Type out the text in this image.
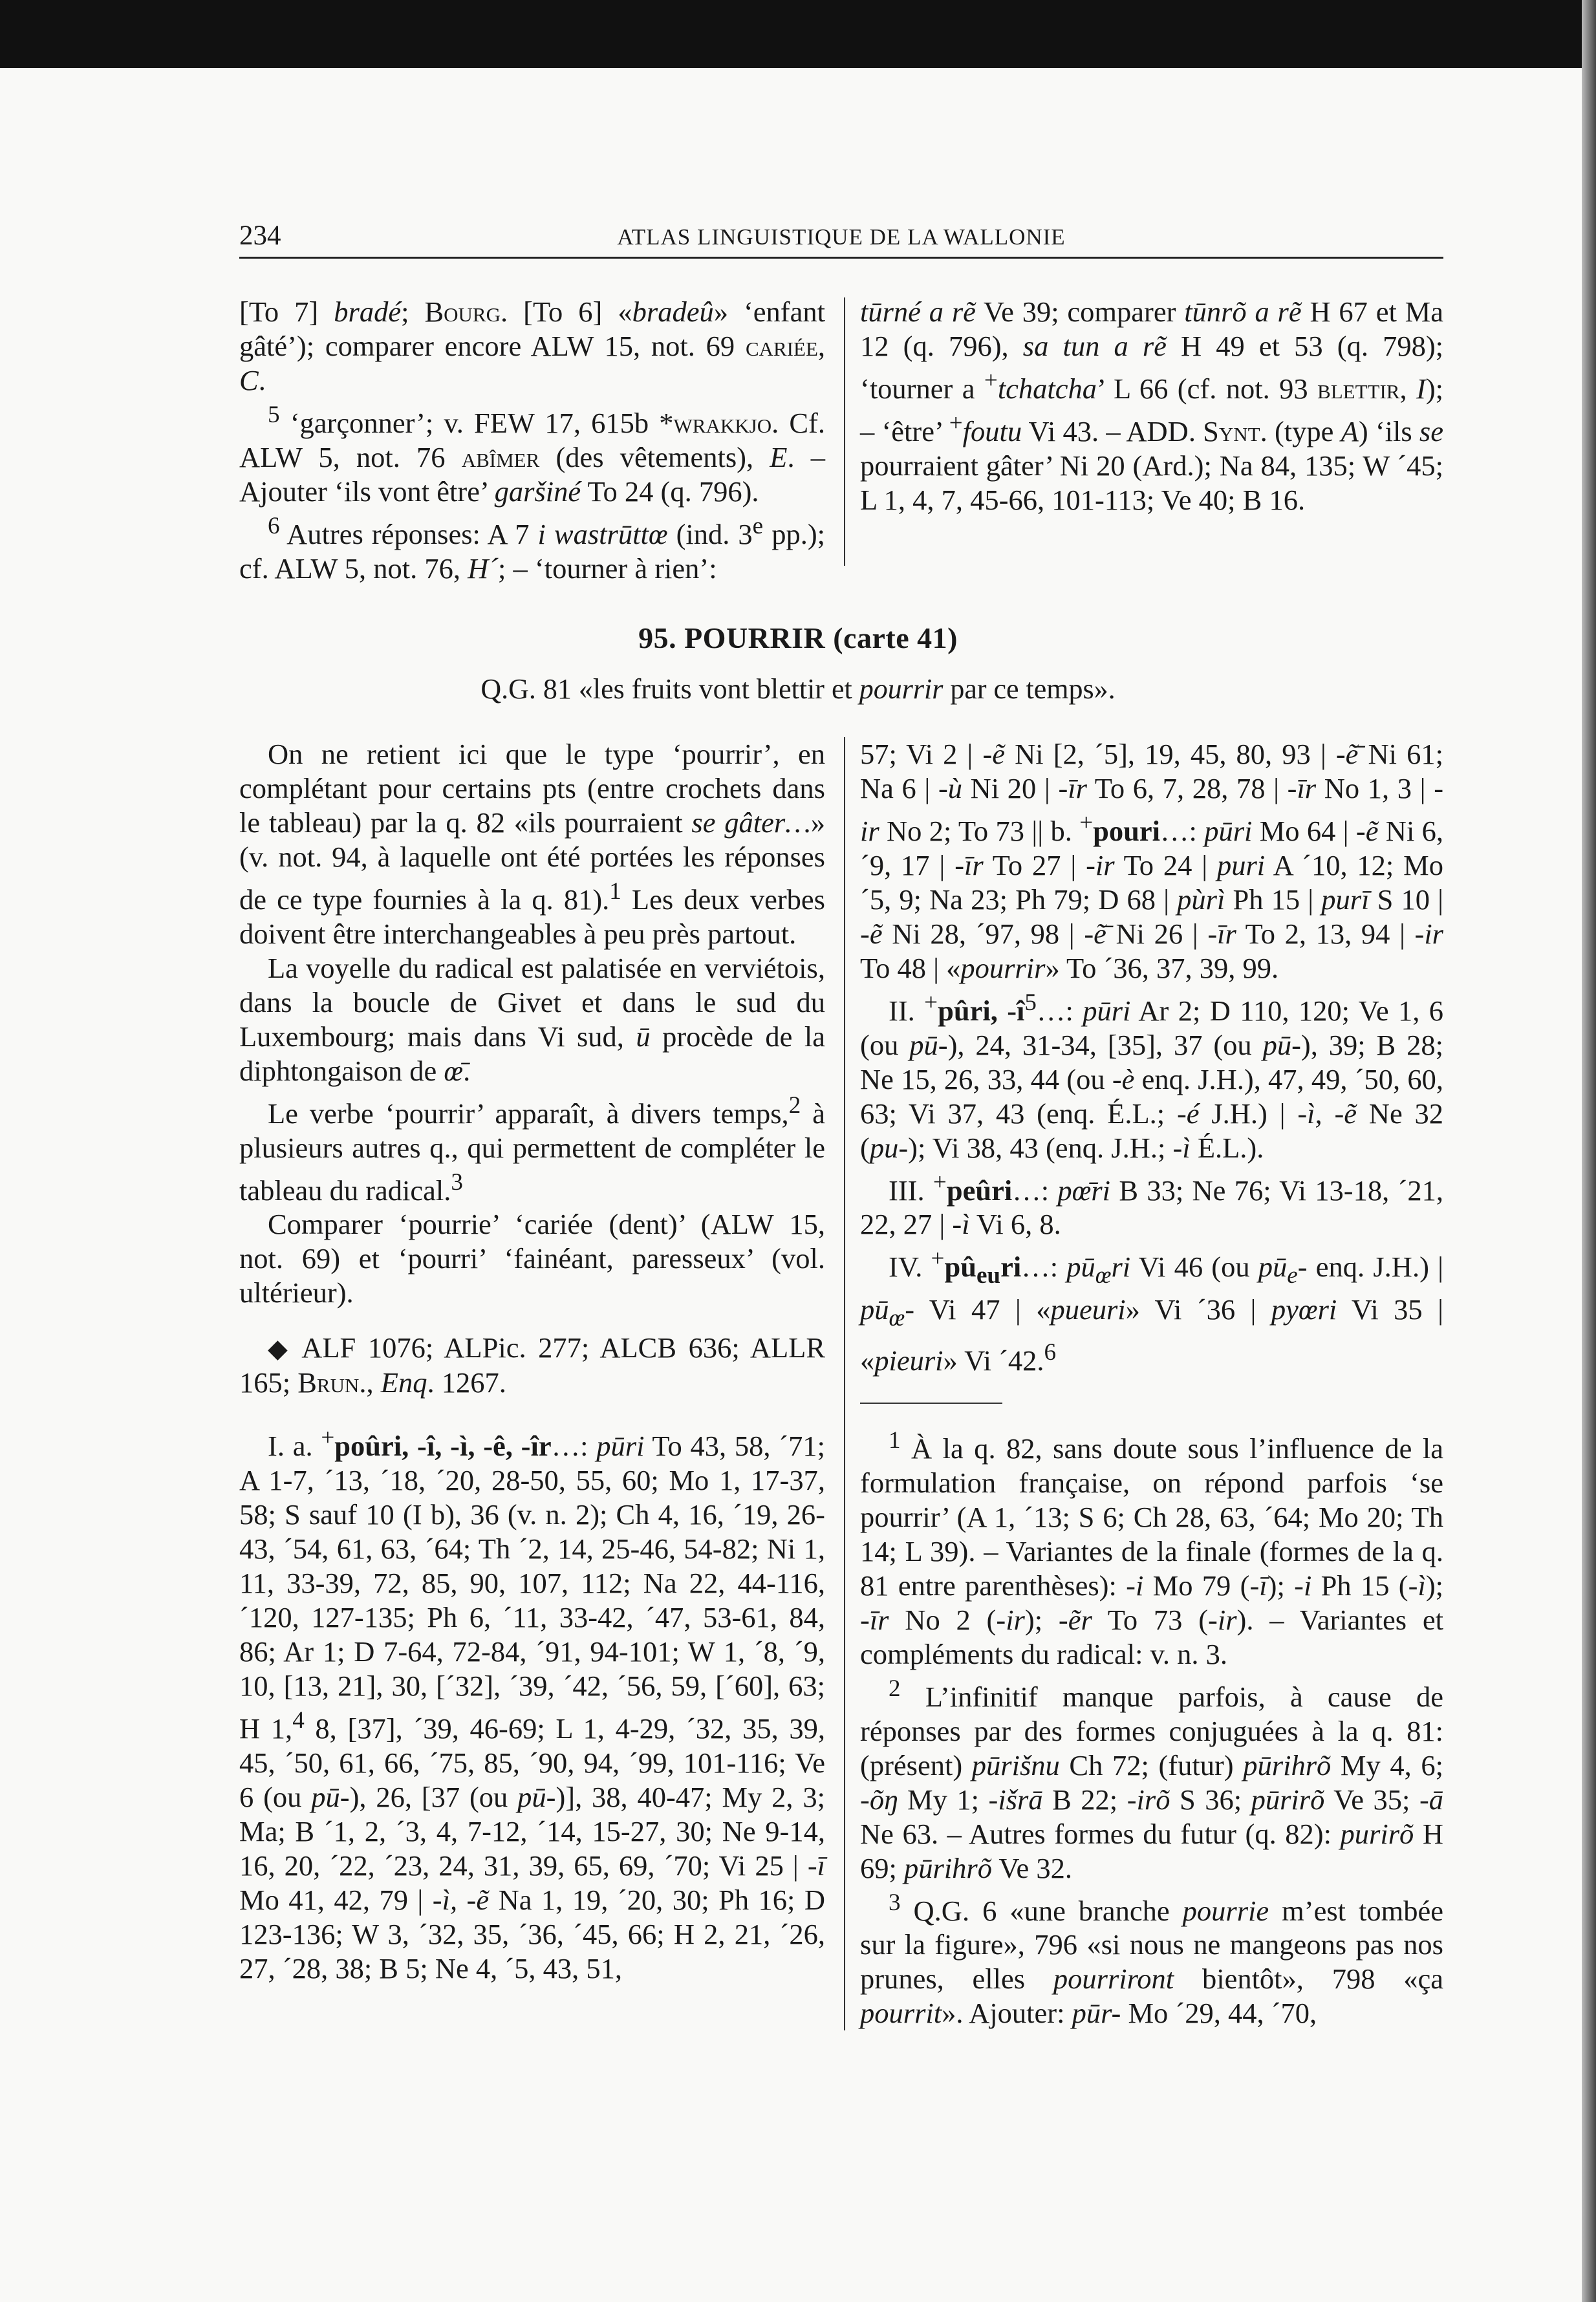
234	ATLAS LINGUISTIQUE DE LA WALLONIE

[To 7] bradé; Bourg. [To 6] «bradeû» ‘enfant gâté’); comparer encore ALW 15, not. 69 cariée, C.

$^5$ ‘garçonner’; v. FEW 17, 615b *wrakkjo. Cf. ALW 5, not. 76 abîmer (des vêtements), E. – Ajouter ‘ils vont être’ garšiné To 24 (q. 796).

$^6$ Autres réponses: A 7 i wastrūttœ (ind. 3e pp.); cf. ALW 5, not. 76, H´; – ‘tourner à rien’:

tūrné a rẽ Ve 39; comparer tūnrõ a rẽ H 67 et Ma 12 (q. 796), sa tun a rẽ H 49 et 53 (q. 798); ‘tourner a +tchatcha’ L 66 (cf. not. 93 blettir, I); – ‘être’ +foutu Vi 43. – ADD. Synt. (type A) ‘ils se pourraient gâter’ Ni 20 (Ard.); Na 84, 135; W ´45; L 1, 4, 7, 45-66, 101-113; Ve 40; B 16.

95. POURRIR (carte 41)
Q.G. 81 «les fruits vont blettir et pourrir par ce temps».

On ne retient ici que le type ‘pourrir’, en complétant pour certains pts (entre crochets dans le tableau) par la q. 82 «ils pourraient se gâter…» (v. not. 94, à laquelle ont été portées les réponses de ce type fournies à la q. 81).$^1$ Les deux verbes doivent être interchangeables à peu près partout.

La voyelle du radical est palatisée en verviétois, dans la boucle de Givet et dans le sud du Luxembourg; mais dans Vi sud, ū procède de la diphtongaison de œ̄.

Le verbe ‘pourrir’ apparaît, à divers temps,$^2$ à plusieurs autres q., qui permettent de compléter le tableau du radical.$^3$

Comparer ‘pourrie’ ‘cariée (dent)’ (ALW 15, not. 69) et ‘pourri’ ‘fainéant, paresseux’ (vol. ultérieur).

◆ ALF 1076; ALPic. 277; ALCB 636; ALLR 165; Brun., Enq. 1267.

I. a. +poûri, -î, -ì, -ê, -îr…: pūri To 43, 58, ´71; A 1-7, ´13, ´18, ´20, 28-50, 55, 60; Mo 1, 17-37, 58; S sauf 10 (I b), 36 (v. n. 2); Ch 4, 16, ´19, 26-43, ´54, 61, 63, ´64; Th ´2, 14, 25-46, 54-82; Ni 1, 11, 33-39, 72, 85, 90, 107, 112; Na 22, 44-116, ´120, 127-135; Ph 6, ´11, 33-42, ´47, 53-61, 84, 86; Ar 1; D 7-64, 72-84, ´91, 94-101; W 1, ´8, ´9, 10, [13, 21], 30, [´32], ´39, ´42, ´56, 59, [´60], 63; H 1,$^4$ 8, [37], ´39, 46-69; L 1, 4-29, ´32, 35, 39, 45, ´50, 61, 66, ´75, 85, ´90, 94, ´99, 101-116; Ve 6 (ou pū-), 26, [37 (ou pū-)], 38, 40-47; My 2, 3; Ma; B ´1, 2, ´3, 4, 7-12, ´14, 15-27, 30; Ne 9-14, 16, 20, ´22, ´23, 24, 31, 39, 65, 69, ´70; Vi 25 | -ī Mo 41, 42, 79 | -ì, -ẽ Na 1, 19, ´20, 30; Ph 16; D 123-136; W 3, ´32, 35, ´36, ´45, 66; H 2, 21, ´26, 27, ´28, 38; B 5; Ne 4, ´5, 43, 51,

57; Vi 2 | -ẽ Ni [2, ´5], 19, 45, 80, 93 | -ẽ̄ Ni 61; Na 6 | -ù Ni 20 | -īr To 6, 7, 28, 78 | -īr No 1, 3 | -ir No 2; To 73 || b. +pouri…: pūri Mo 64 | -ẽ Ni 6, ´9, 17 | -īr To 27 | -ir To 24 | puri A ´10, 12; Mo ´5, 9; Na 23; Ph 79; D 68 | pùrì Ph 15 | purī S 10 | -ẽ Ni 28, ´97, 98 | -ẽ̄ Ni 26 | -īr To 2, 13, 94 | -ir To 48 | «pourrir» To ´36, 37, 39, 99.

II. +pûri, $-î^5\dots$: pūri Ar 2; D 110, 120; Ve 1, 6 (ou pū-), 24, 31-34, [35], 37 (ou pū-), 39; B 28; Ne 15, 26, 33, 44 (ou -è enq. J.H.), 47, 49, ´50, 60, 63; Vi 37, 43 (enq. É.L.; -é J.H.) | -ì, -ẽ Ne 32 (pu-); Vi 38, 43 (enq. J.H.; -ì É.L.).

III. +peûri…: pœ̄ri B 33; Ne 76; Vi 13-18, ´21, 22, 27 | -ì Vi 6, 8.

IV. $^+pû_{eu}ri\dots$: $pū_œri$ Vi 46 (ou $pū_e-$ enq. J.H.) | $pū_œ-$ Vi 47 | «pueuri» Vi ´36 | pyœri Vi 35 | «pieuri» Vi ´42.$^6$

$^1$ À la q. 82, sans doute sous l’influence de la formulation française, on répond parfois ‘se pourrir’ (A 1, ´13; S 6; Ch 28, 63, ´64; Mo 20; Th 14; L 39). – Variantes de la finale (formes de la q. 81 entre parenthèses): -i Mo 79 (-ī); -i Ph 15 (-ì); -īr No 2 (-ir); -ẽr To 73 (-ir). – Variantes et compléments du radical: v. n. 3.

$^2$ L’infinitif manque parfois, à cause de réponses par des formes conjuguées à la q. 81: (présent) pūrišnu Ch 72; (futur) pūrihrõ My 4, 6; -õŋ My 1; -išrā B 22; -irõ S 36; pūrirõ Ve 35; -ā Ne 63. – Autres formes du futur (q. 82): purirõ H 69; pūrihrõ Ve 32.

$^3$ Q.G. 6 «une branche pourrie m’est tombée sur la figure», 796 «si nous ne mangeons pas nos prunes, elles pourriront bientôt», 798 «ça pourrit». Ajouter: pūr- Mo ´29, 44, ´70,
